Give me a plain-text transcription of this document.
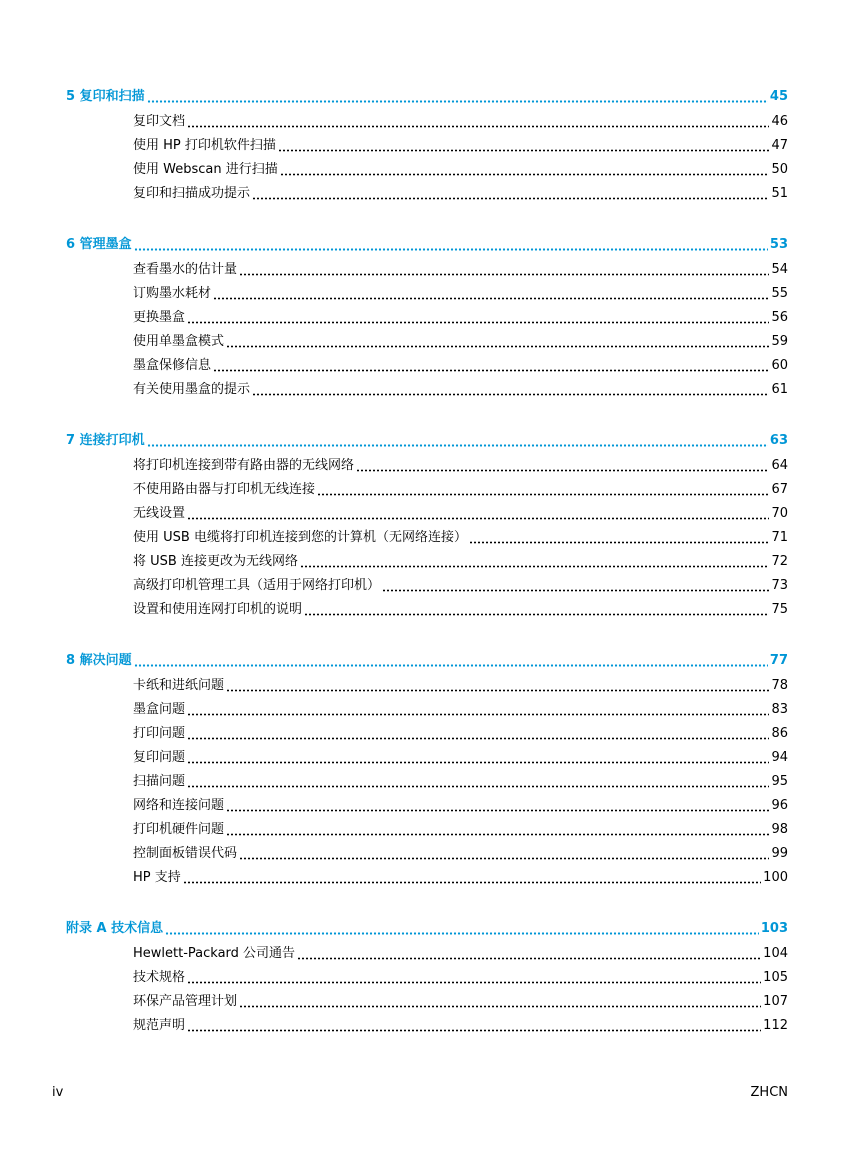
5 复印和扫描	45
复印文档	46
使用 HP 打印机软件扫描	47
使用 Webscan 进行扫描	50
复印和扫描成功提示	51
6 管理墨盒	53
查看墨水的估计量	54
订购墨水耗材	55
更换墨盒	56
使用单墨盒模式	59
墨盒保修信息	60
有关使用墨盒的提示	61
7 连接打印机	63
将打印机连接到带有路由器的无线网络	64
不使用路由器与打印机无线连接	67
无线设置	70
使用 USB 电缆将打印机连接到您的计算机（无网络连接）	71
将 USB 连接更改为无线网络	72
高级打印机管理工具（适用于网络打印机）	73
设置和使用连网打印机的说明	75
8 解决问题	77
卡纸和进纸问题	78
墨盒问题	83
打印问题	86
复印问题	94
扫描问题	95
网络和连接问题	96
打印机硬件问题	98
控制面板错误代码	99
HP 支持	100
附录 A 技术信息	103
Hewlett-Packard 公司通告	104
技术规格	105
环保产品管理计划	107
规范声明	112
iv	ZHCN
